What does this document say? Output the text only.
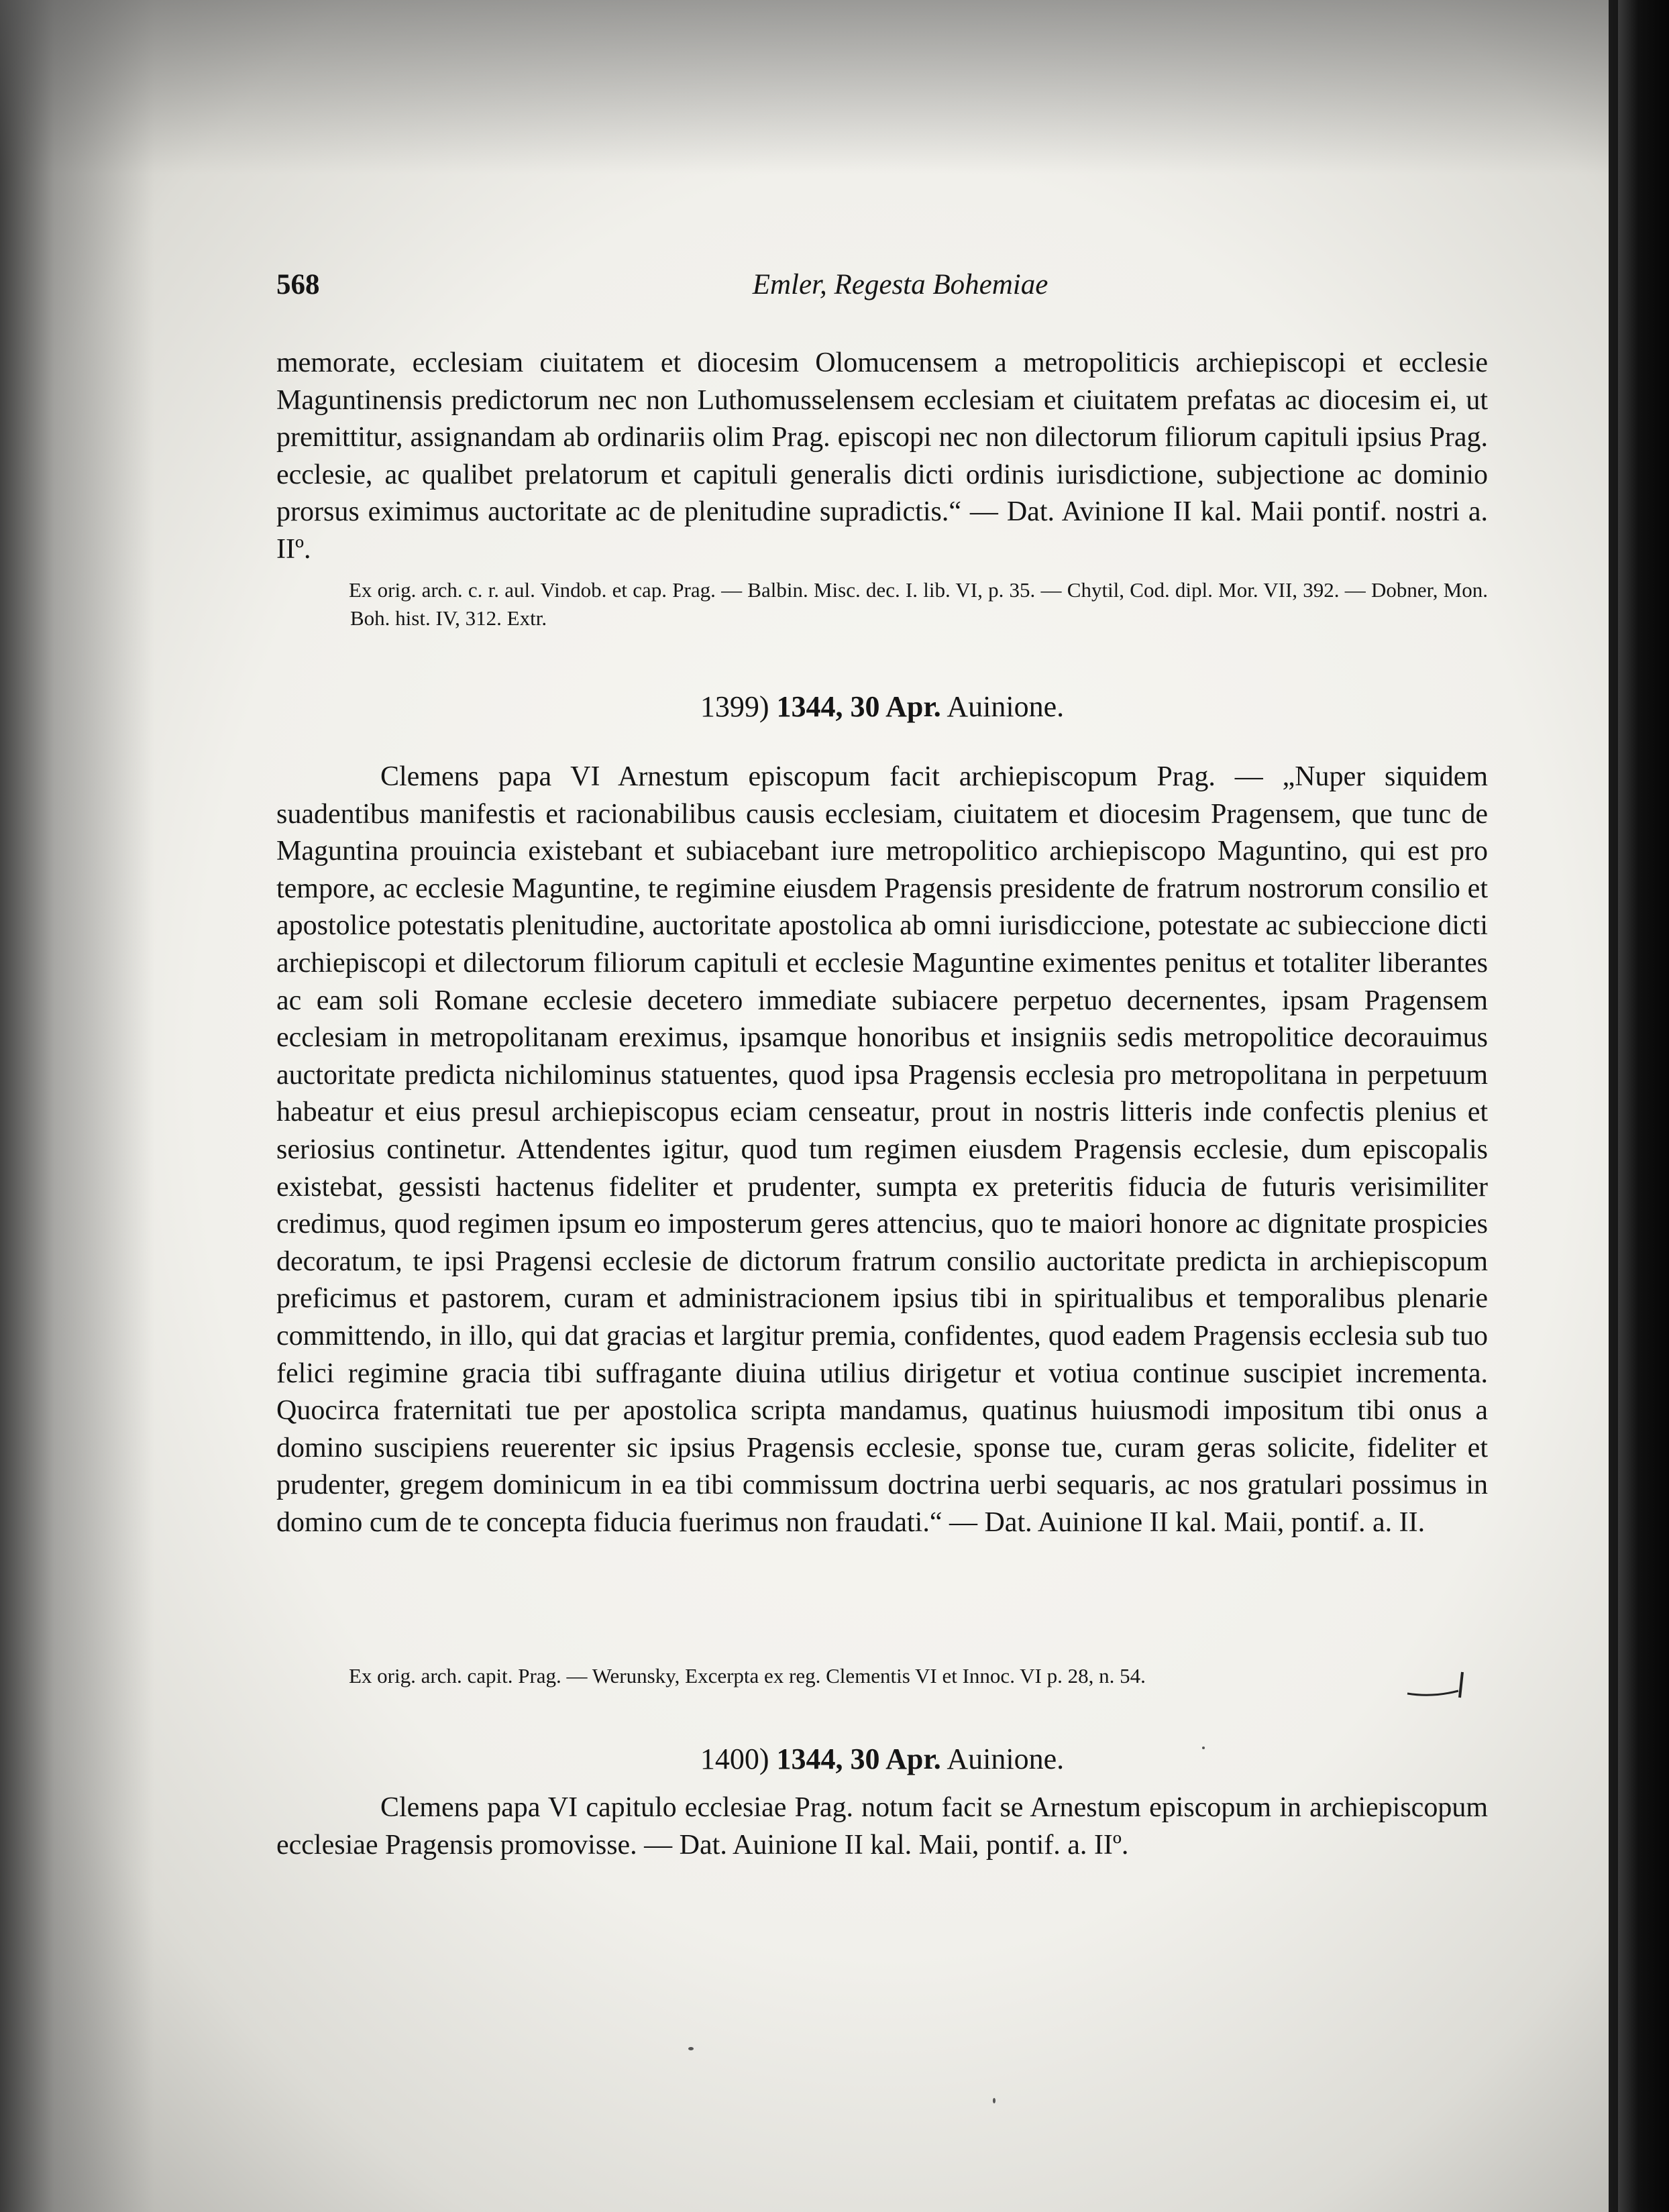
568	Emler, Regesta Bohemiae

memorate, ecclesiam ciuitatem et diocesim Olomucensem a metropoliticis archiepiscopi et ecclesie Maguntinensis predictorum nec non Luthomusselensem ecclesiam et ciuitatem prefatas ac diocesim ei, ut premittitur, assignandam ab ordinariis olim Prag. episcopi nec non dilectorum filiorum capituli ipsius Prag. ecclesie, ac qualibet prelatorum et capituli generalis dicti ordinis iurisdictione, subjectione ac dominio prorsus eximimus auctoritate ac de plenitudine supradictis.“ — Dat. Avinione II kal. Maii pontif. nostri a. IIº.

Ex orig. arch. c. r. aul. Vindob. et cap. Prag. — Balbin. Misc. dec. I. lib. VI, p. 35. — Chytil, Cod. dipl. Mor. VII, 392. — Dobner, Mon. Boh. hist. IV, 312. Extr.
1399) 1344, 30 Apr. Auinione.

Clemens papa VI Arnestum episcopum facit archiepiscopum Prag. — „Nuper siquidem suadentibus manifestis et racionabilibus causis ecclesiam, ciuitatem et diocesim Pragensem, que tunc de Maguntina prouincia existebant et subiacebant iure metropolitico archiepiscopo Maguntino, qui est pro tempore, ac ecclesie Maguntine, te regimine eiusdem Pragensis presidente de fratrum nostrorum consilio et apostolice potestatis plenitudine, auctoritate apostolica ab omni iurisdiccione, potestate ac subieccione dicti archiepiscopi et dilectorum filiorum capituli et ecclesie Maguntine eximentes penitus et totaliter liberantes ac eam soli Romane ecclesie decetero immediate subiacere perpetuo decernentes, ipsam Pragensem ecclesiam in metropolitanam ereximus, ipsamque honoribus et insigniis sedis metropolitice decorauimus auctoritate predicta nichilominus statuentes, quod ipsa Pragensis ecclesia pro metropolitana in perpetuum habeatur et eius presul archiepiscopus eciam censeatur, prout in nostris litteris inde confectis plenius et seriosius continetur. Attendentes igitur, quod tum regimen eiusdem Pragensis ecclesie, dum episcopalis existebat, gessisti hactenus fideliter et prudenter, sumpta ex preteritis fiducia de futuris verisimiliter credimus, quod regimen ipsum eo imposterum geres attencius, quo te maiori honore ac dignitate prospicies decoratum, te ipsi Pragensi ecclesie de dictorum fratrum consilio auctoritate predicta in archiepiscopum preficimus et pastorem, curam et administracionem ipsius tibi in spiritualibus et temporalibus plenarie committendo, in illo, qui dat gracias et largitur premia, confidentes, quod eadem Pragensis ecclesia sub tuo felici regimine gracia tibi suffragante diuina utilius dirigetur et votiua continue suscipiet incrementa. Quocirca fraternitati tue per apostolica scripta mandamus, quatinus huiusmodi impositum tibi onus a domino suscipiens reuerenter sic ipsius Pragensis ecclesie, sponse tue, curam geras solicite, fideliter et prudenter, gregem dominicum in ea tibi commissum doctrina uerbi sequaris, ac nos gratulari possimus in domino cum de te concepta fiducia fuerimus non fraudati.“ — Dat. Auinione II kal. Maii, pontif. a. II.

Ex orig. arch. capit. Prag. — Werunsky, Excerpta ex reg. Clementis VI et Innoc. VI p. 28, n. 54.
1400) 1344, 30 Apr. Auinione.

Clemens papa VI capitulo ecclesiae Prag. notum facit se Arnestum episcopum in archiepiscopum ecclesiae Pragensis promovisse. — Dat. Auinione II kal. Maii, pontif. a. IIº.
